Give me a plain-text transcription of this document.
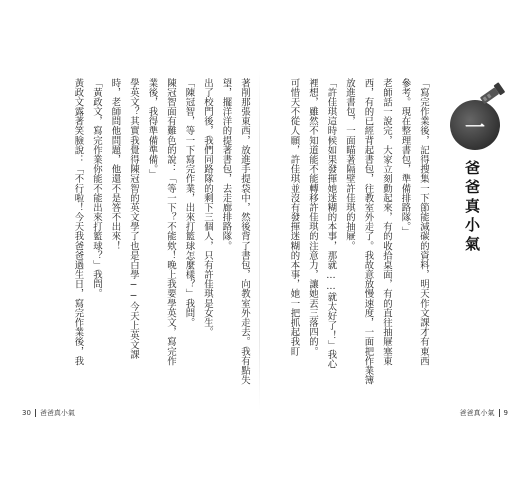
著削那張東西，放進手提袋中，然後背了書包，向教室外走去。我有點失
望，擺洋洋的提著書包，去走廊排路隊。
出了校門後，我們同路隊的剩下三個人，只有許佳琪是女生。
「陳冠智，等一下寫完作業，出來打籃球怎麼樣？」我問。
陳冠智面有難色的說：「等一下？不能欸！晚上我要學英文，寫完作
業後，我得準備準備。」
學英文？其實我覺得陳冠智的英文學了也是白學──今天上英文課
時，老師問他問題，他還不是答不出來！
「黃政文，寫完作業你能不能出來打籃球？」我問。
黃政文露著笑臉說：「不行啦！今天我爸爸過生日，寫完作業後，我	「寫完作業後，記得搜集一下節能減碳的資料，明天作文課才有東西
參考。現在整理書包，準備排路隊。」
老師話一說完，大家立刻動起來，有的收拾桌面，有的直往抽屜塞東
西，有的已經背起書包，往教室外走了。我故意放慢速度，一面把作業簿
放進書包，一面瞄著隔壁許佳琪的抽屜。
「許佳琪這時候如果發揮她迷糊的本事，那就……就太好了！」我心
裡想，雖然不知道能不能轉移許佳琪的注意力，讓她丟三落四的。
可惜天不從人願，許佳琪並沒有發揮迷糊的本事，她一把抓起我盯	一
爸爸真小氣
30 爸爸真小氣	爸爸真小氣 9
